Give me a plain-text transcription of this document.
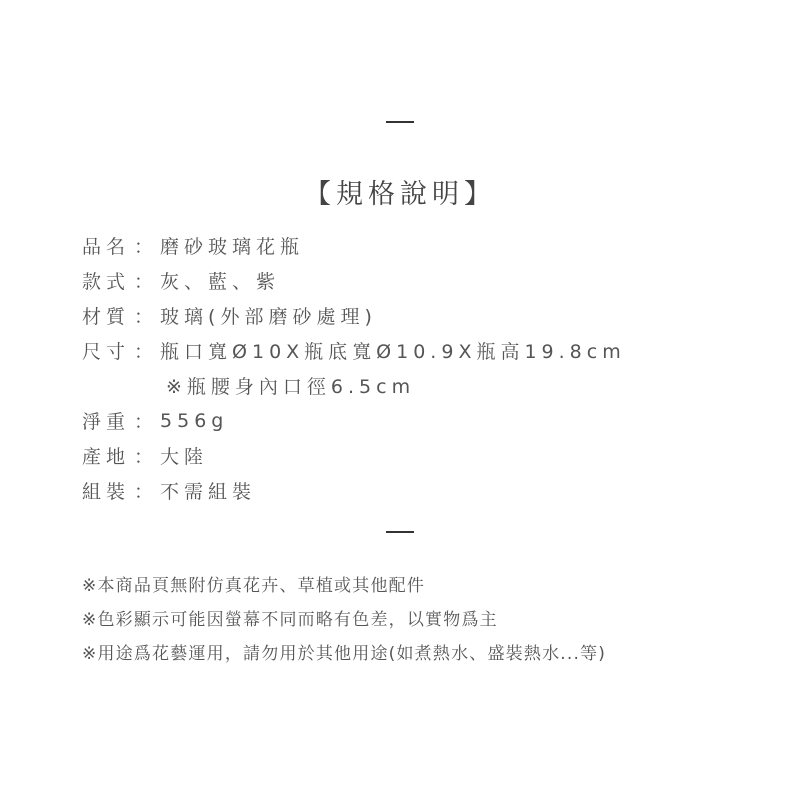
【規格說明】
品名 ： 磨砂玻璃花瓶
款式 ： 灰、藍、紫
材質 ： 玻璃(外部磨砂處理)
尺寸 ： 瓶口寬Ø10X瓶底寬Ø10.9X瓶高19.8cm
※瓶腰身內口徑6.5cm
淨重 ： 556g
產地 ： 大陸
組裝 ： 不需組裝
※本商品頁無附仿真花卉、草植或其他配件
※色彩顯示可能因螢幕不同而略有色差，以實物爲主
※用途爲花藝運用，請勿用於其他用途(如煮熱水、盛裝熱水...等)
